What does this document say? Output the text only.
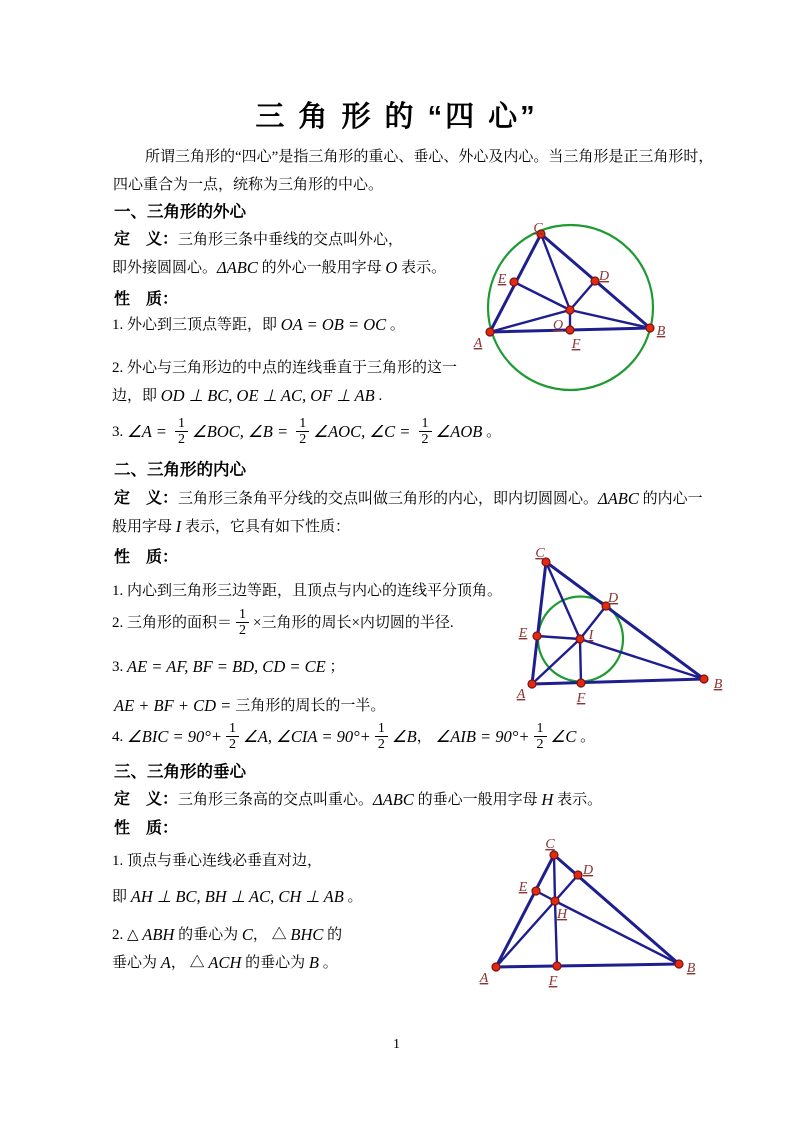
三 角 形 的 “四 心”
所谓三角形的“四心”是指三角形的重心、垂心、外心及内心。当三角形是正三角形时，
四心重合为一点，统称为三角形的中心。
一、三角形的外心
定　义： 三角形三条中垂线的交点叫外心，
即外接圆圆心。 ΔABC 的外心一般用字母 O 表示。
性　质：
1. 外心到三顶点等距，即 OA = OB = OC 。
2. 外心与三角形边的中点的连线垂直于三角形的这一
边，即 OD ⊥ BC, OE ⊥ AC, OF ⊥ AB .
3. ∠A = $\frac{1}{2}$ ∠BOC, ∠B = $\frac{1}{2}$ ∠AOC, ∠C = $\frac{1}{2}$ ∠AOB 。
二、三角形的内心
定　义： 三角形三条角平分线的交点叫做三角形的内心，即内切圆圆心。 ΔABC 的内心一
般用字母 I 表示，它具有如下性质：
性　质：
1. 内心到三角形三边等距，且顶点与内心的连线平分顶角。
2. 三角形的面积＝ $\frac{1}{2}$ ×三角形的周长×内切圆的半径.
3. AE = AF, BF = BD, CD = CE ；
AE + BF + CD = 三角形的周长的一半。
4. ∠BIC = $90^\circ+ \frac{1}{2}$ ∠A, ∠CIA = $90^\circ+ \frac{1}{2}$ ∠B ， ∠AIB = $90^\circ+ \frac{1}{2}$ ∠C 。
三、三角形的垂心
定　义： 三角形三条高的交点叫重心。 ΔABC 的垂心一般用字母 H 表示。
性　质：
1. 顶点与垂心连线必垂直对边，
即 AH ⊥ BC, BH ⊥ AC, CH ⊥ AB 。
2. △ ABH 的垂心为 C ， △ BHC 的
垂心为 A ， △ ACH 的垂心为 B 。
A
B
C
D
E
F
O
A
B
C
D
E
F
I
A
B
C
D
E
F
H
1
